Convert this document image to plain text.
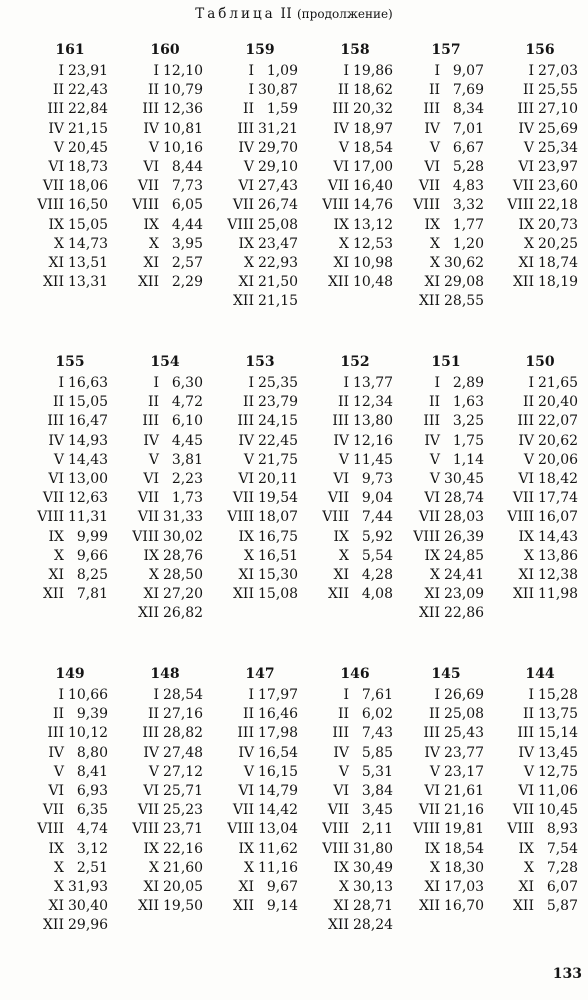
Таблица II (продолжение)
161
I 23,91
II 22,43
III 22,84
IV 21,15
V 20,45
VI 18,73
VII 18,06
VIII 16,50
IX 15,05
X 14,73
XI 13,51
XII 13,31
160
I 12,10
II 10,79
III 12,36
IV 10,81
V 10,16
VI 8,44
VII 7,73
VIII 6,05
IX 4,44
X 3,95
XI 2,57
XII 2,29
159
I 1,09
I 30,87
II 1,59
III 31,21
IV 29,70
V 29,10
VI 27,43
VII 26,74
VIII 25,08
IX 23,47
X 22,93
XI 21,50
XII 21,15
158
I 19,86
II 18,62
III 20,32
IV 18,97
V 18,54
VI 17,00
VII 16,40
VIII 14,76
IX 13,12
X 12,53
XI 10,98
XII 10,48
157
I 9,07
II 7,69
III 8,34
IV 7,01
V 6,67
VI 5,28
VII 4,83
VIII 3,32
IX 1,77
X 1,20
X 30,62
XI 29,08
XII 28,55
156
I 27,03
II 25,55
III 27,10
IV 25,69
V 25,34
VI 23,97
VII 23,60
VIII 22,18
IX 20,73
X 20,25
XI 18,74
XII 18,19
155
I 16,63
II 15,05
III 16,47
IV 14,93
V 14,43
VI 13,00
VII 12,63
VIII 11,31
IX 9,99
X 9,66
XI 8,25
XII 7,81
154
I 6,30
II 4,72
III 6,10
IV 4,45
V 3,81
VI 2,23
VII 1,73
VII 31,33
VIII 30,02
IX 28,76
X 28,50
XI 27,20
XII 26,82
153
I 25,35
II 23,79
III 24,15
IV 22,45
V 21,75
VI 20,11
VII 19,54
VIII 18,07
IX 16,75
X 16,51
XI 15,30
XII 15,08
152
I 13,77
II 12,34
III 13,80
IV 12,16
V 11,45
VI 9,73
VII 9,04
VIII 7,44
IX 5,92
X 5,54
XI 4,28
XII 4,08
151
I 2,89
II 1,63
III 3,25
IV 1,75
V 1,14
V 30,45
VI 28,74
VII 28,03
VIII 26,39
IX 24,85
X 24,41
XI 23,09
XII 22,86
150
I 21,65
II 20,40
III 22,07
IV 20,62
V 20,06
VI 18,42
VII 17,74
VIII 16,07
IX 14,43
X 13,86
XI 12,38
XII 11,98
149
I 10,66
II 9,39
III 10,12
IV 8,80
V 8,41
VI 6,93
VII 6,35
VIII 4,74
IX 3,12
X 2,51
X 31,93
XI 30,40
XII 29,96
148
I 28,54
II 27,16
III 28,82
IV 27,48
V 27,12
VI 25,71
VII 25,23
VIII 23,71
IX 22,16
X 21,60
XI 20,05
XII 19,50
147
I 17,97
II 16,46
III 17,98
IV 16,54
V 16,15
VI 14,79
VII 14,42
VIII 13,04
IX 11,62
X 11,16
XI 9,67
XII 9,14
146
I 7,61
II 6,02
III 7,43
IV 5,85
V 5,31
VI 3,84
VII 3,45
VIII 2,11
VIII 31,80
IX 30,49
X 30,13
XI 28,71
XII 28,24
145
I 26,69
II 25,08
III 25,43
IV 23,77
V 23,17
VI 21,61
VII 21,16
VIII 19,81
IX 18,54
X 18,30
XI 17,03
XII 16,70
144
I 15,28
II 13,75
III 15,14
IV 13,45
V 12,75
VI 11,06
VII 10,45
VIII 8,93
IX 7,54
X 7,28
XI 6,07
XII 5,87
133
